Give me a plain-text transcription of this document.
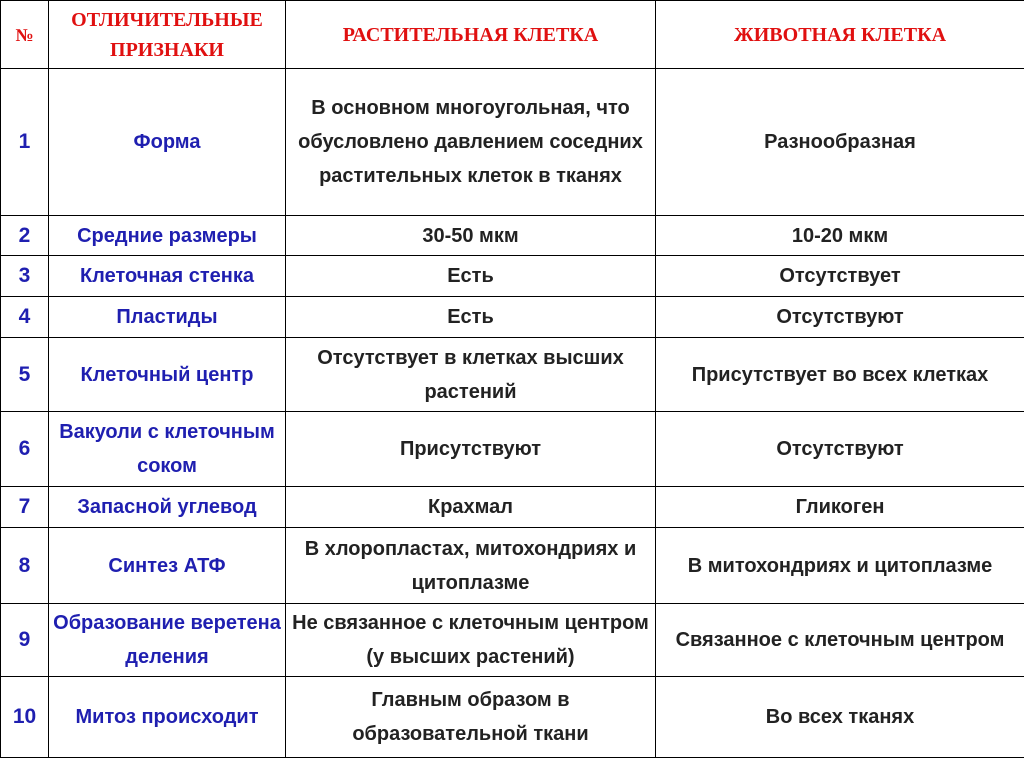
№	ОТЛИЧИТЕЛЬНЫЕ ПРИЗНАКИ	РАСТИТЕЛЬНАЯ КЛЕТКА	ЖИВОТНАЯ КЛЕТКА
1	Форма	В основном многоугольная, что обусловлено давлением соседних растительных клеток в тканях	Разнообразная
2	Средние размеры	30-50 мкм	10-20 мкм
3	Клеточная стенка	Есть	Отсутствует
4	Пластиды	Есть	Отсутствуют
5	Клеточный центр	Отсутствует в клетках высших растений	Присутствует во всех клетках
6	Вакуоли с клеточным соком	Присутствуют	Отсутствуют
7	Запасной углевод	Крахмал	Гликоген
8	Синтез АТФ	В хлоропластах, митохондриях и цитоплазме	В митохондриях и цитоплазме
9	Образование веретена деления	Не связанное с клеточным центром (у высших растений)	Связанное с клеточным центром
10	Митоз происходит	Главным образом в образовательной ткани	Во всех тканях
